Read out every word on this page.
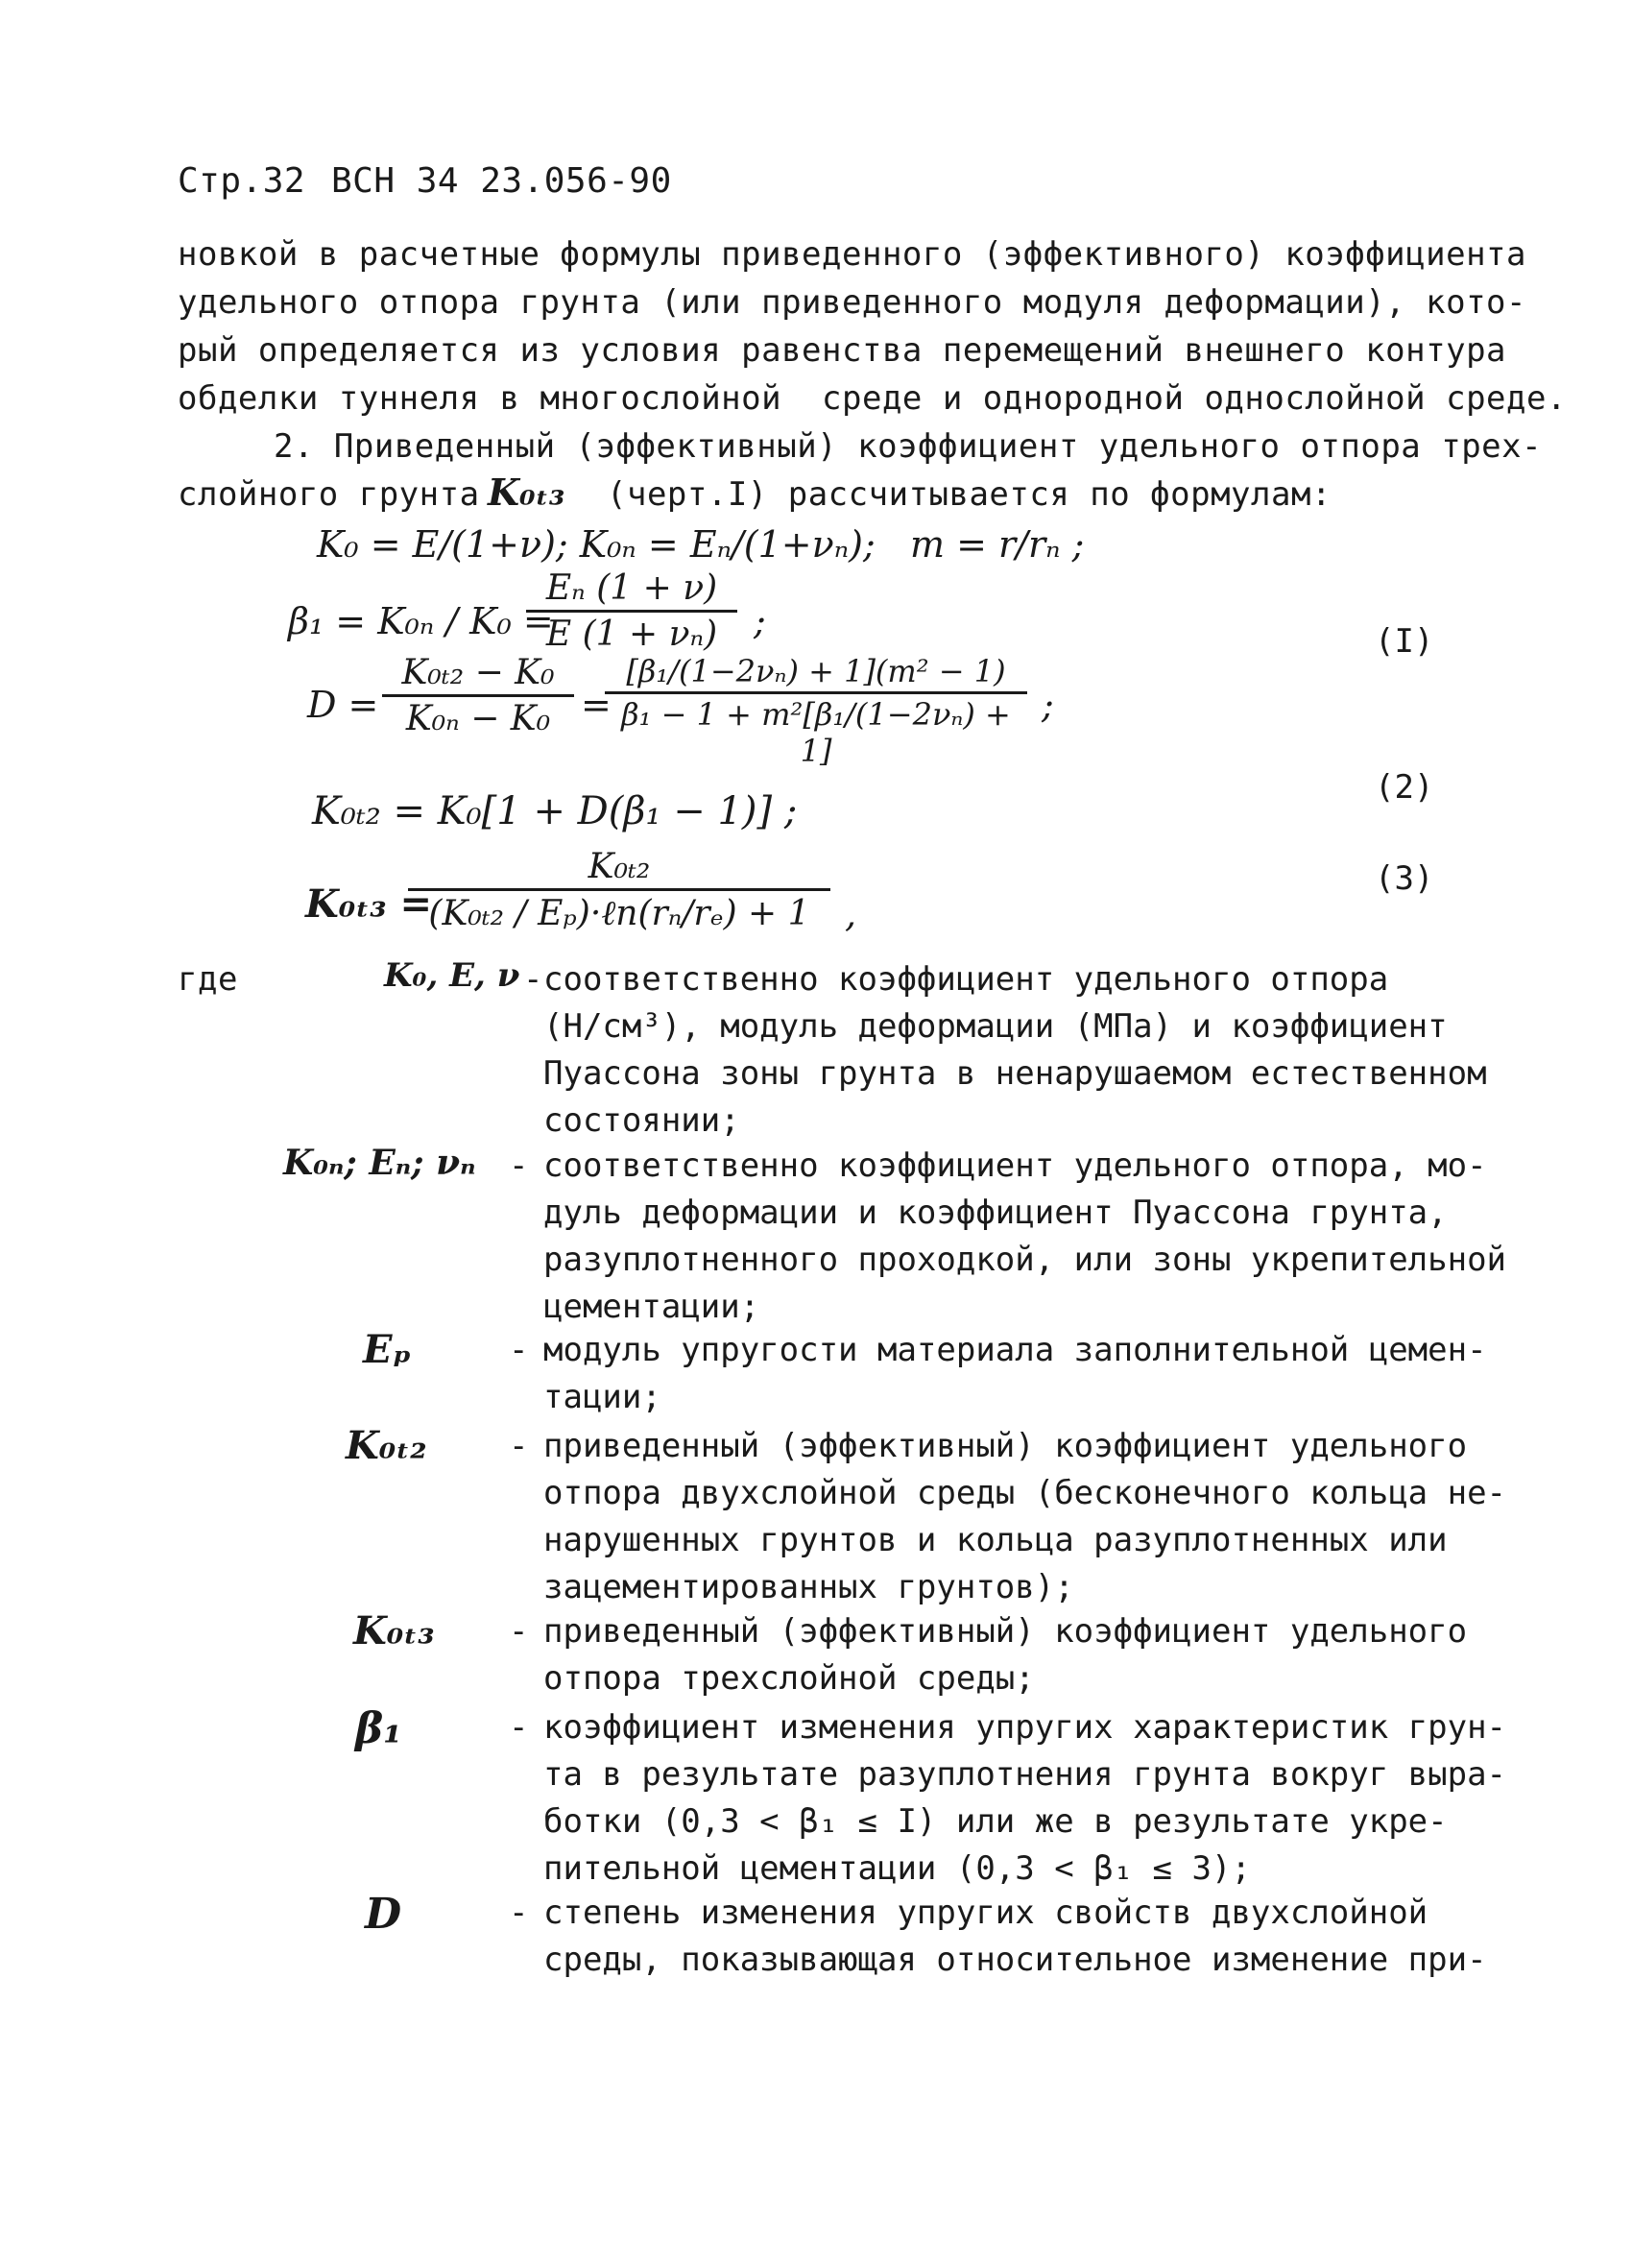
Стр.32 ВСН 34 23.056-90
новкой в расчетные формулы приведенного (эффективного) коэффициента
удельного отпора грунта (или приведенного модуля деформации), кото-
рый определяется из условия равенства перемещений внешнего контура
обделки туннеля в многослойной  среде и однородной однослойной среде.
2. Приведенный (эффективный) коэффициент удельного отпора трех-
слойного грунта K₀ₜ₃ (черт.I) рассчитывается по формулам:
K₀ = E/(1+ν); K₀ₙ = Eₙ/(1+νₙ);   m = r/rₙ ;
β₁ = K₀ₙ / K₀ =
$\frac{\text{Eₙ (1 + ν)}}{\text{E (1 + νₙ)}}$ ;	(I)
$D = \frac{\text{K₀ₜ₂ − K₀}}{\text{K₀ₙ − K₀}}$ =
$\frac{\text{[β₁/(1−2νₙ) + 1](m² − 1)}}{\text{β₁ − 1 + m²[β₁/(1−2νₙ) + 1]}}$ ;
(2)
K₀ₜ₂ = K₀[1 + D(β₁ − 1)] ;
(3)
K₀ₜ₃ =
K₀ₜ₂
(K₀ₜ₂ / Eₚ)·ℓn(rₙ/rₑ) + 1 ,
где	K₀, E, ν - соответственно коэффициент удельного отпора
(Н/см³), модуль деформации (МПа) и коэффициент
Пуассона зоны грунта в ненарушаемом естественном
состоянии;
K₀ₙ; Eₙ; νₙ - соответственно коэффициент удельного отпора, мо-
дуль деформации и коэффициент Пуассона грунта,
разуплотненного проходкой, или зоны укрепительной
цементации;
Eₚ	- модуль упругости материала заполнительной цемен-
тации;
K₀ₜ₂	- приведенный (эффективный) коэффициент удельного
отпора двухслойной среды (бесконечного кольца не-
нарушенных грунтов и кольца разуплотненных или
зацементированных грунтов);
K₀ₜ₃ - приведенный (эффективный) коэффициент удельного
отпора трехслойной среды;
β₁	- коэффициент изменения упругих характеристик грун-
та в результате разуплотнения грунта вокруг выра-
ботки (0,3 < β₁ ≤ I) или же в результате укре-
пительной цементации (0,3 < β₁ ≤ 3);
D	- степень изменения упругих свойств двухслойной
среды, показывающая относительное изменение при-
